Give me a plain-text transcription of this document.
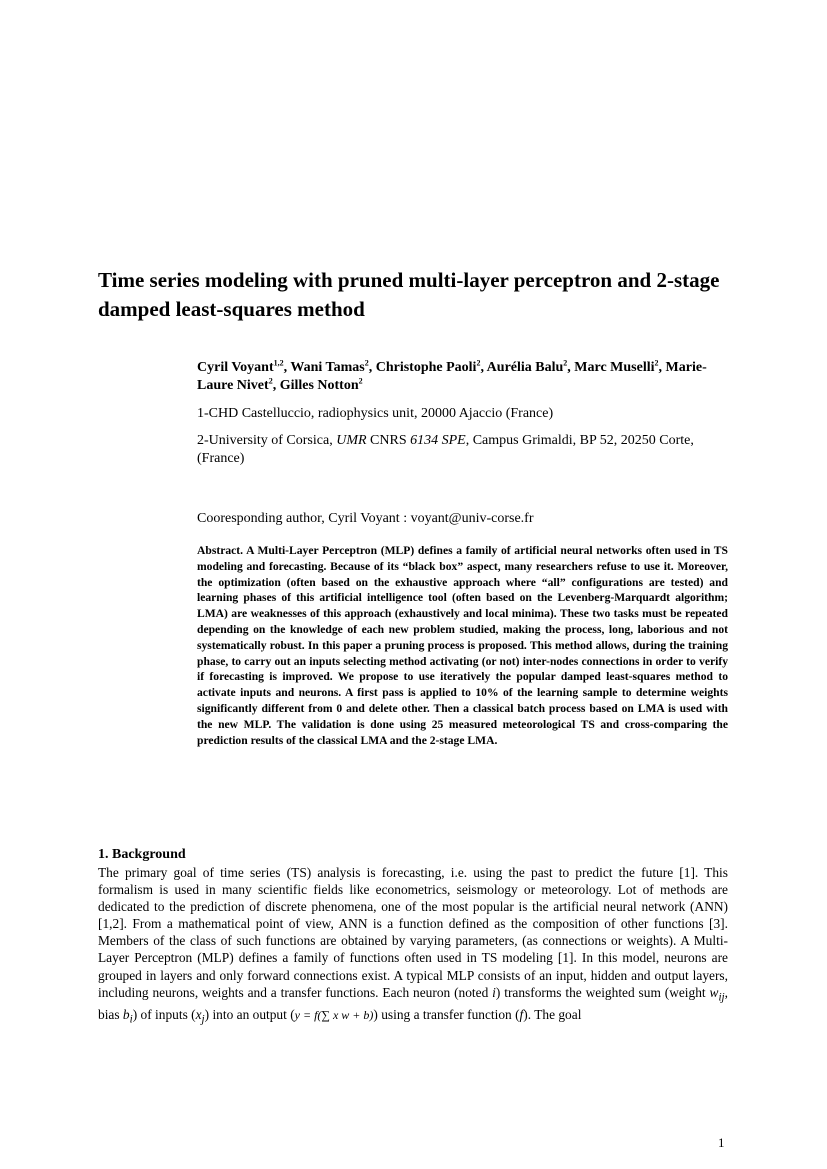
Time series modeling with pruned multi-layer perceptron and 2-stage damped least-squares method
Cyril Voyant$^{1,2}$, Wani Tamas$^2$, Christophe Paoli$^2$, Aurélia Balu$^2$, Marc Muselli$^2$, Marie-Laure Nivet$^2$, Gilles Notton$^2$
1-CHD Castelluccio, radiophysics unit, 20000 Ajaccio (France)
2-University of Corsica, UMR CNRS 6134 SPE, Campus Grimaldi, BP 52, 20250 Corte, (France)
Cooresponding author, Cyril Voyant : voyant@univ-corse.fr
Abstract. A Multi-Layer Perceptron (MLP) defines a family of artificial neural networks often used in TS modeling and forecasting. Because of its “black box” aspect, many researchers refuse to use it. Moreover, the optimization (often based on the exhaustive approach where “all” configurations are tested) and learning phases of this artificial intelligence tool (often based on the Levenberg-Marquardt algorithm; LMA) are weaknesses of this approach (exhaustively and local minima). These two tasks must be repeated depending on the knowledge of each new problem studied, making the process, long, laborious and not systematically robust. In this paper a pruning process is proposed. This method allows, during the training phase, to carry out an inputs selecting method activating (or not) inter-nodes connections in order to verify if forecasting is improved. We propose to use iteratively the popular damped least-squares method to activate inputs and neurons. A first pass is applied to 10% of the learning sample to determine weights significantly different from 0 and delete other. Then a classical batch process based on LMA is used with the new MLP. The validation is done using 25 measured meteorological TS and cross-comparing the prediction results of the classical LMA and the 2-stage LMA.
1. Background
The primary goal of time series (TS) analysis is forecasting, i.e. using the past to predict the future [1]. This formalism is used in many scientific fields like econometrics, seismology or meteorology. Lot of methods are dedicated to the prediction of discrete phenomena, one of the most popular is the artificial neural network (ANN) [1,2]. From a mathematical point of view, ANN is a function defined as the composition of other functions [3]. Members of the class of such functions are obtained by varying parameters, (as connections or weights). A Multi-Layer Perceptron (MLP) defines a family of functions often used in TS modeling [1]. In this model, neurons are grouped in layers and only forward connections exist. A typical MLP consists of an input, hidden and output layers, including neurons, weights and a transfer functions. Each neuron (noted i) transforms the weighted sum (weight $w_{ij}$, bias $b_i$) of inputs $(x_j)$ into an output (y = f(∑ x w + b)) using a transfer function (f). The goal
1
